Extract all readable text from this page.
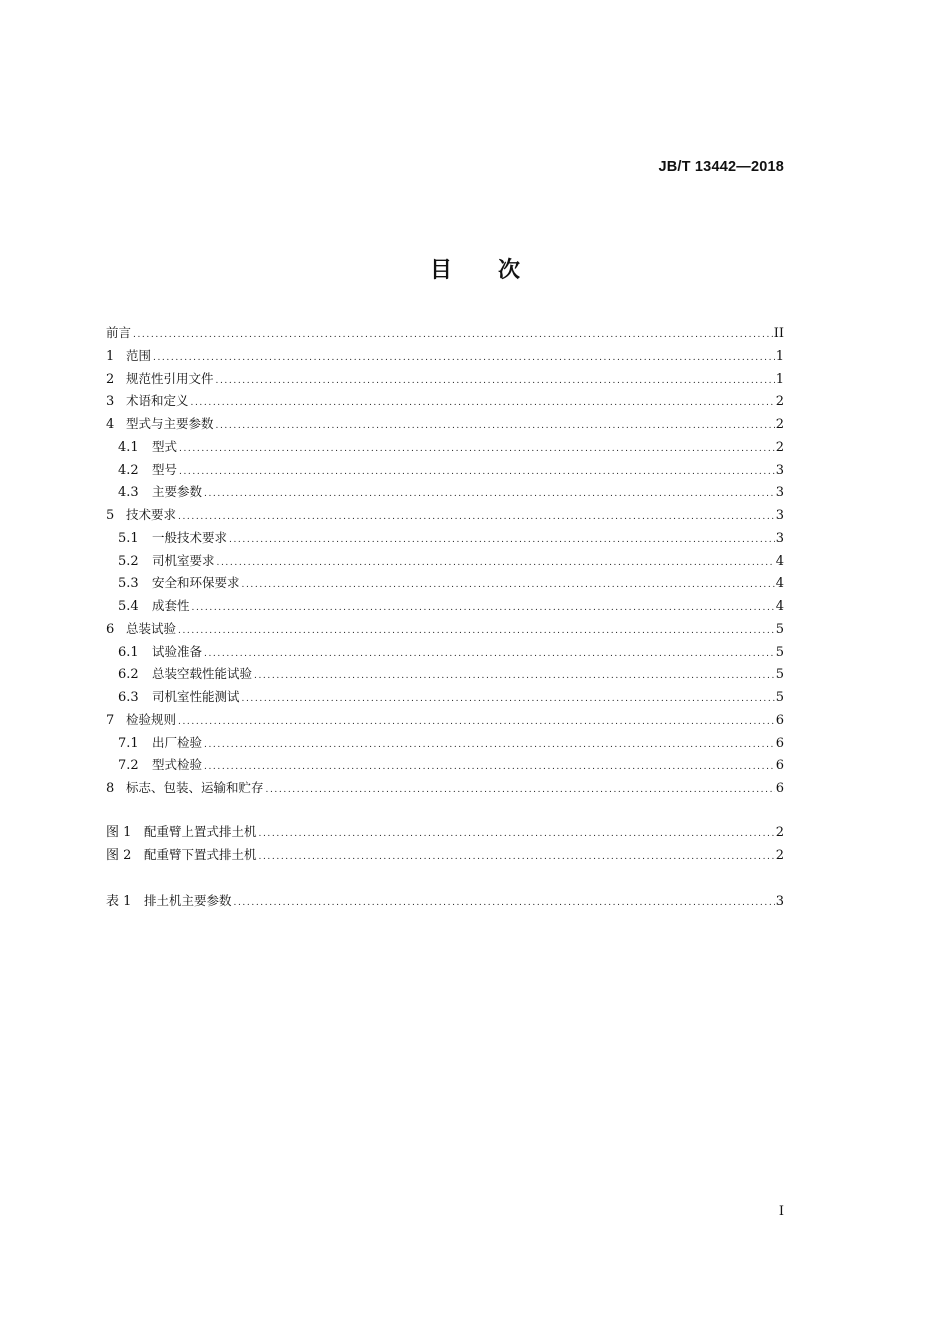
JB/T 13442—2018
目 次
前言 .....	II
1 范围 .....	1
2 规范性引用文件 .....	1
3 术语和定义 .....	2
4 型式与主要参数 .....	2
4.1	型式 .....	2
4.2	型号 .....	3
4.3	主要参数 .....	3
5 技术要求 .....	3
5.1	一般技术要求 .....	3
5.2	司机室要求 .....	4
5.3	安全和环保要求 .....	4
5.4	成套性 .....	4
6 总装试验 .....	5
6.1	试验准备 .....	5
6.2	总装空载性能试验 .....	5
6.3	司机室性能测试 .....	5
7 检验规则 .....	6
7.1	出厂检验 .....	6
7.2	型式检验 .....	6
8 标志、包装、运输和贮存 .....	6
图 1	配重臂上置式排土机 .....	2
图 2	配重臂下置式排土机 .....	2
表 1	排土机主要参数 .....	3
I
